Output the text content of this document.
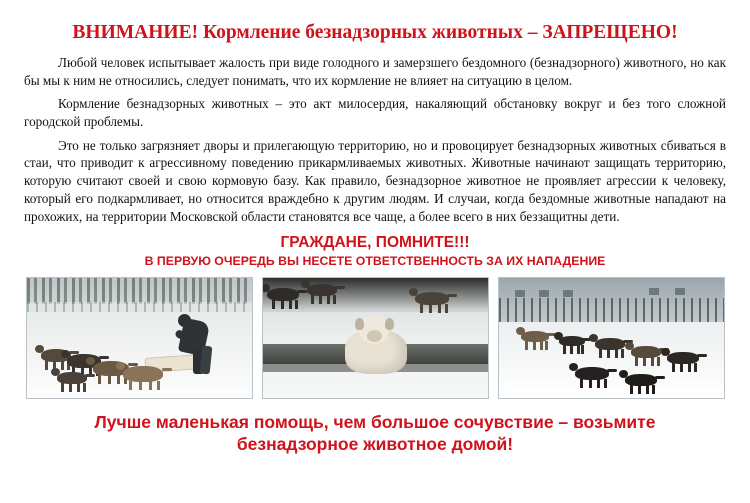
ВНИМАНИЕ! Кормление безнадзорных животных – ЗАПРЕЩЕНО!

Любой человек испытывает жалость при виде голодного и замерзшего бездомного (безнадзорного) животного, но как бы мы к ним не относились, следует понимать, что их кормление не влияет на ситуацию в целом.

Кормление безнадзорных животных – это акт милосердия, накаляющий обстановку вокруг и без того сложной городской проблемы.

Это не только загрязняет дворы и прилегающую территорию, но и провоцирует безнадзорных животных сбиваться в стаи, что приводит к агрессивному поведению прикармливаемых животных. Животные начинают защищать территорию, которую считают своей и свою кормовую базу. Как правило, безнадзорное животное не проявляет агрессии к человеку, который его подкармливает, но относится враждебно к другим людям. И случаи, когда бездомные животные нападают на прохожих, на территории Московской области становятся все чаще, а более всего в них беззащитны дети.

ГРАЖДАНЕ, ПОМНИТЕ!!!
В ПЕРВУЮ ОЧЕРЕДЬ ВЫ НЕСЕТЕ ОТВЕТСТВЕННОСТЬ ЗА ИХ НАПАДЕНИЕ
Лучше маленькая помощь, чем большое сочувствие – возьмите
безнадзорное животное домой!
